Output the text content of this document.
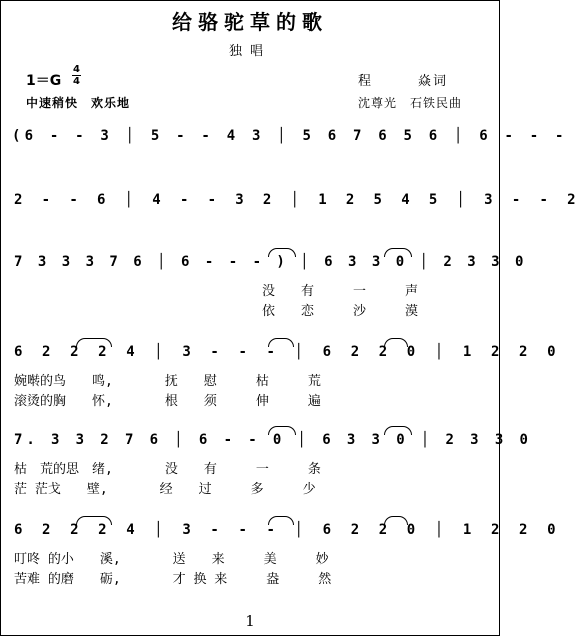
给骆驼草的歌
独唱
1＝G
4
4
中速稍快　欢乐地
程　　　焱词
沈尊光　石铁民曲
(6 - - 3 │ 5 - - 4 3 │ 5 6 7 6 5 6 │ 6 - - -
2 - - 6 │ 4 - - 3 2 │ 1 2 5 4 5 │ 3 - - 2
7 3 3 3 7 6 │ 6 - - - ) │ 6 3 3 0 │ 2 3 3 0
没　　有　　　一　　　声
依　　恋　　　沙　　　漠
6 2 2 2 4 │ 3 - - - │ 6 2 2 0 │ 1 2 2 0
婉啭的鸟　　鸣,　　　　抚　　慰　　　枯　　　荒
滚烫的胸　　怀,　　　　根　　须　　　伸　　　遍
7. 3 3 2 7 6 │ 6 - - 0 │ 6 3 3 0 │ 2 3 3 0
枯　荒的思　绪,　　　　没　　有　　　一　　　条
茫 茫戈　　壁,　　　　经　　过　　　多　　　少
6 2 2 2 4 │ 3 - - - │ 6 2 2 0 │ 1 2 2 0
叮咚 的小　　溪,　　　　送　　来　　　美　　　妙
苦难 的磨　　砺,　　　　才 换 来　　　盎　　　然
1
